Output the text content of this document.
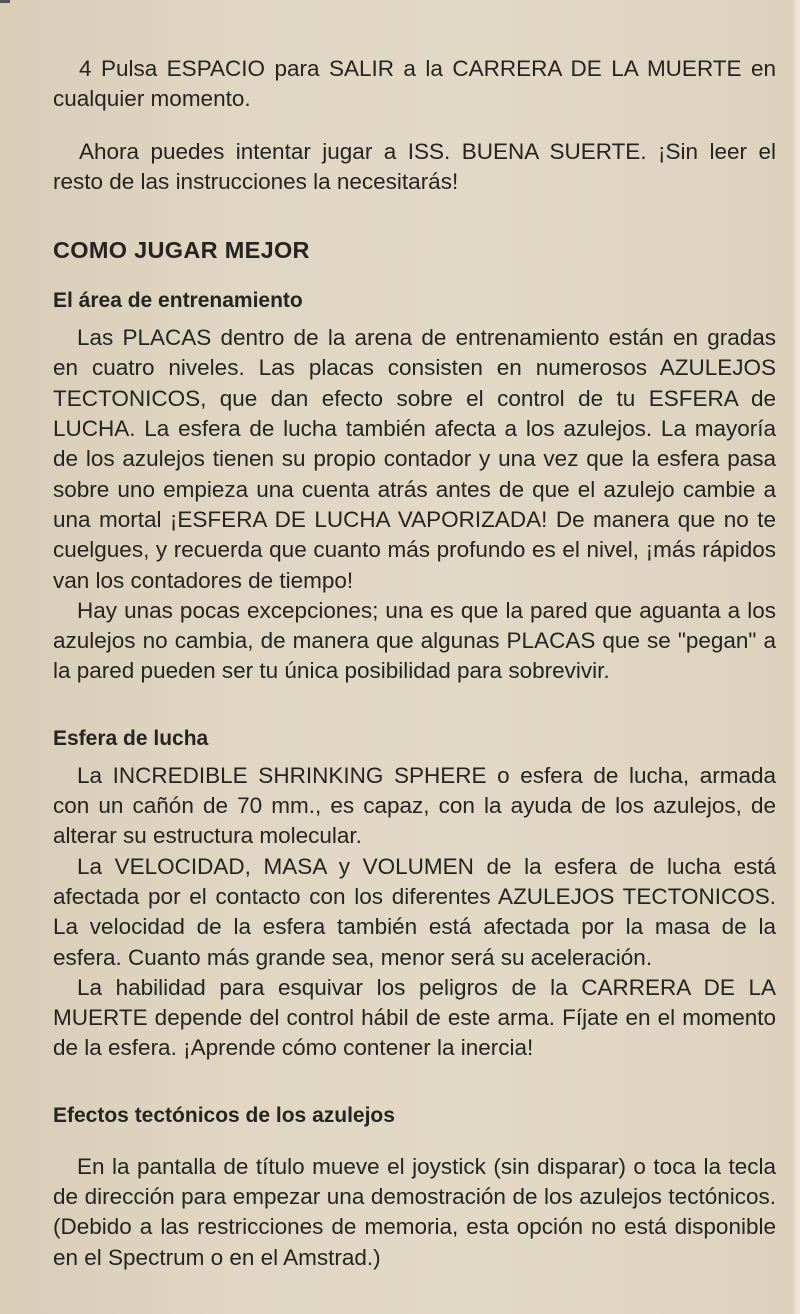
4 Pulsa ESPACIO para SALIR a la CARRERA DE LA MUERTE en cualquier momento.

Ahora puedes intentar jugar a ISS. BUENA SUERTE. ¡Sin leer el resto de las instrucciones la necesitarás!

COMO JUGAR MEJOR
El área de entrenamiento

Las PLACAS dentro de la arena de entrenamiento están en gradas en cuatro niveles. Las placas consisten en numerosos AZULEJOS TECTONICOS, que dan efecto sobre el control de tu ESFERA de LUCHA. La esfera de lucha también afecta a los azulejos. La mayoría de los azulejos tienen su propio contador y una vez que la esfera pasa sobre uno empieza una cuenta atrás antes de que el azulejo cambie a una mortal ¡ESFERA DE LUCHA VAPORIZADA! De manera que no te cuelgues, y recuerda que cuanto más profundo es el nivel, ¡más rápidos van los contadores de tiempo!

Hay unas pocas excepciones; una es que la pared que aguanta a los azulejos no cambia, de manera que algunas PLACAS que se "pegan" a la pared pueden ser tu única posibilidad para sobrevivir.

Esfera de lucha

La INCREDIBLE SHRINKING SPHERE o esfera de lucha, armada con un cañón de 70 mm., es capaz, con la ayuda de los azulejos, de alterar su estructura molecular.

La VELOCIDAD, MASA y VOLUMEN de la esfera de lucha está afectada por el contacto con los diferentes AZULEJOS TECTONICOS. La velocidad de la esfera también está afectada por la masa de la esfera. Cuanto más grande sea, menor será su aceleración.

La habilidad para esquivar los peligros de la CARRERA DE LA MUERTE depende del control hábil de este arma. Fíjate en el momento de la esfera. ¡Aprende cómo contener la inercia!

Efectos tectónicos de los azulejos

En la pantalla de título mueve el joystick (sin disparar) o toca la tecla de dirección para empezar una demostración de los azulejos tectónicos. (Debido a las restricciones de memoria, esta opción no está disponible en el Spectrum o en el Amstrad.)
